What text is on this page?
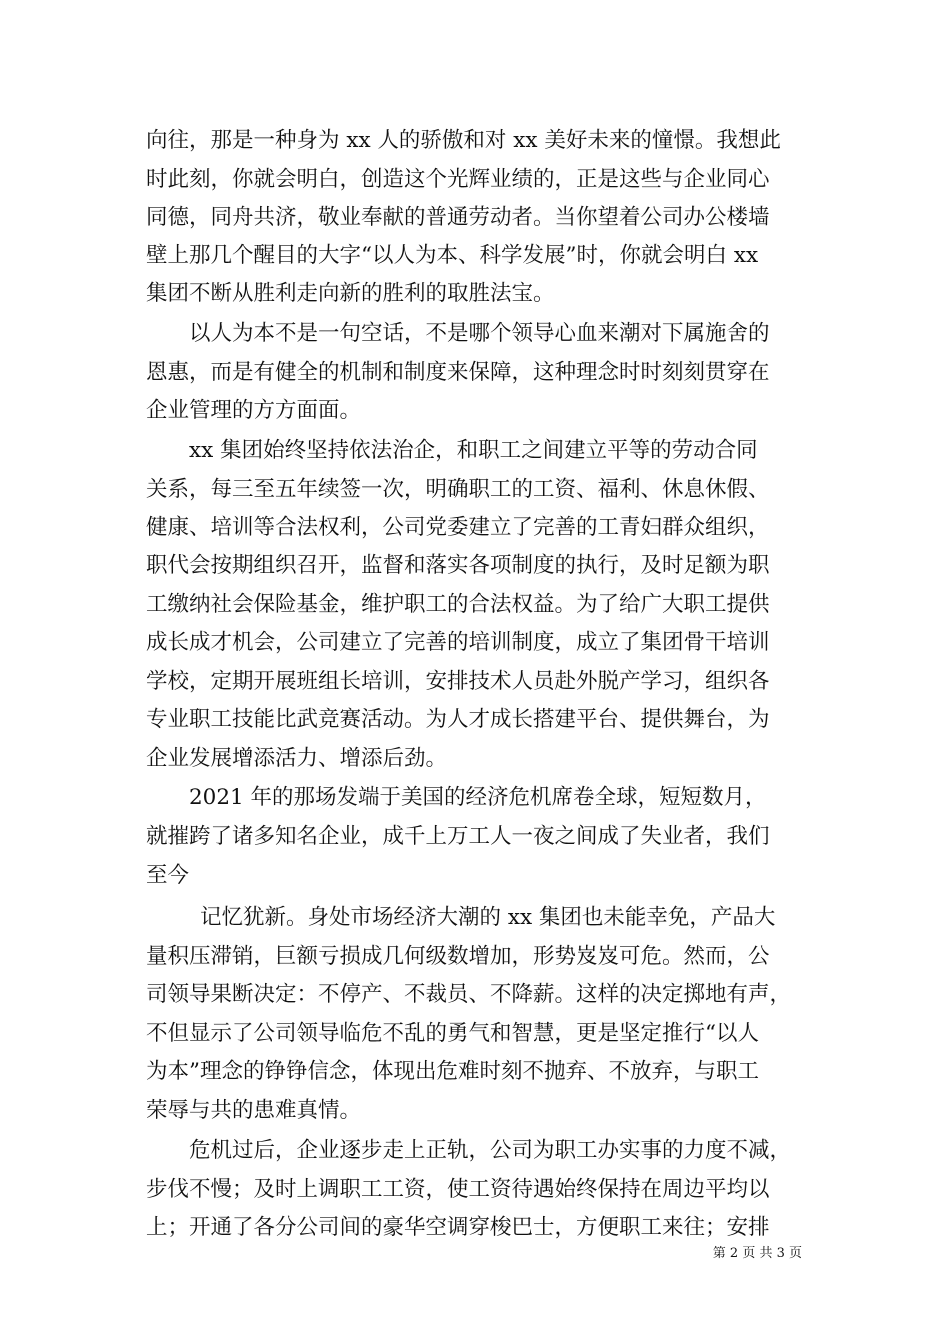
向往，那是一种身为 xx 人的骄傲和对 xx 美好未来的憧憬。我想此
时此刻，你就会明白，创造这个光辉业绩的，正是这些与企业同心
同德，同舟共济，敬业奉献的普通劳动者。当你望着公司办公楼墙
壁上那几个醒目的大字“以人为本、科学发展”时，你就会明白 xx
集团不断从胜利走向新的胜利的取胜法宝。
以人为本不是一句空话，不是哪个领导心血来潮对下属施舍的
恩惠，而是有健全的机制和制度来保障，这种理念时时刻刻贯穿在
企业管理的方方面面。
xx 集团始终坚持依法治企，和职工之间建立平等的劳动合同
关系，每三至五年续签一次，明确职工的工资、福利、休息休假、
健康、培训等合法权利，公司党委建立了完善的工青妇群众组织，
职代会按期组织召开，监督和落实各项制度的执行，及时足额为职
工缴纳社会保险基金，维护职工的合法权益。为了给广大职工提供
成长成才机会，公司建立了完善的培训制度，成立了集团骨干培训
学校，定期开展班组长培训，安排技术人员赴外脱产学习，组织各
专业职工技能比武竞赛活动。为人才成长搭建平台、提供舞台，为
企业发展增添活力、增添后劲。
2021 年的那场发端于美国的经济危机席卷全球，短短数月，
就摧跨了诸多知名企业，成千上万工人一夜之间成了失业者，我们
至今
记忆犹新。身处市场经济大潮的 xx 集团也未能幸免，产品大
量积压滞销，巨额亏损成几何级数增加，形势岌岌可危。然而，公
司领导果断决定：不停产、不裁员、不降薪。这样的决定掷地有声，
不但显示了公司领导临危不乱的勇气和智慧，更是坚定推行“以人
为本”理念的铮铮信念，体现出危难时刻不抛弃、不放弃，与职工
荣辱与共的患难真情。
危机过后，企业逐步走上正轨，公司为职工办实事的力度不减，
步伐不慢；及时上调职工工资，使工资待遇始终保持在周边平均以
上；开通了各分公司间的豪华空调穿梭巴士，方便职工来往；安排
第 2 页 共 3 页
